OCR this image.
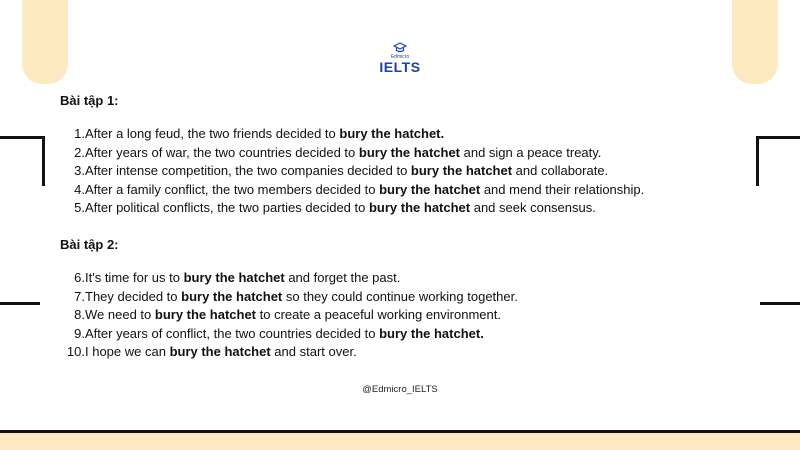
Edmicro
IELTS
Bài tập 1:
1. After a long feud, the two friends decided to bury the hatchet.
2. After years of war, the two countries decided to bury the hatchet and sign a peace treaty.
3. After intense competition, the two companies decided to bury the hatchet and collaborate.
4. After a family conflict, the two members decided to bury the hatchet and mend their relationship.
5. After political conflicts, the two parties decided to bury the hatchet and seek consensus.
Bài tập 2:
6. It's time for us to bury the hatchet and forget the past.
7. They decided to bury the hatchet so they could continue working together.
8. We need to bury the hatchet to create a peaceful working environment.
9. After years of conflict, the two countries decided to bury the hatchet.
10. I hope we can bury the hatchet and start over.
@Edmicro_IELTS
